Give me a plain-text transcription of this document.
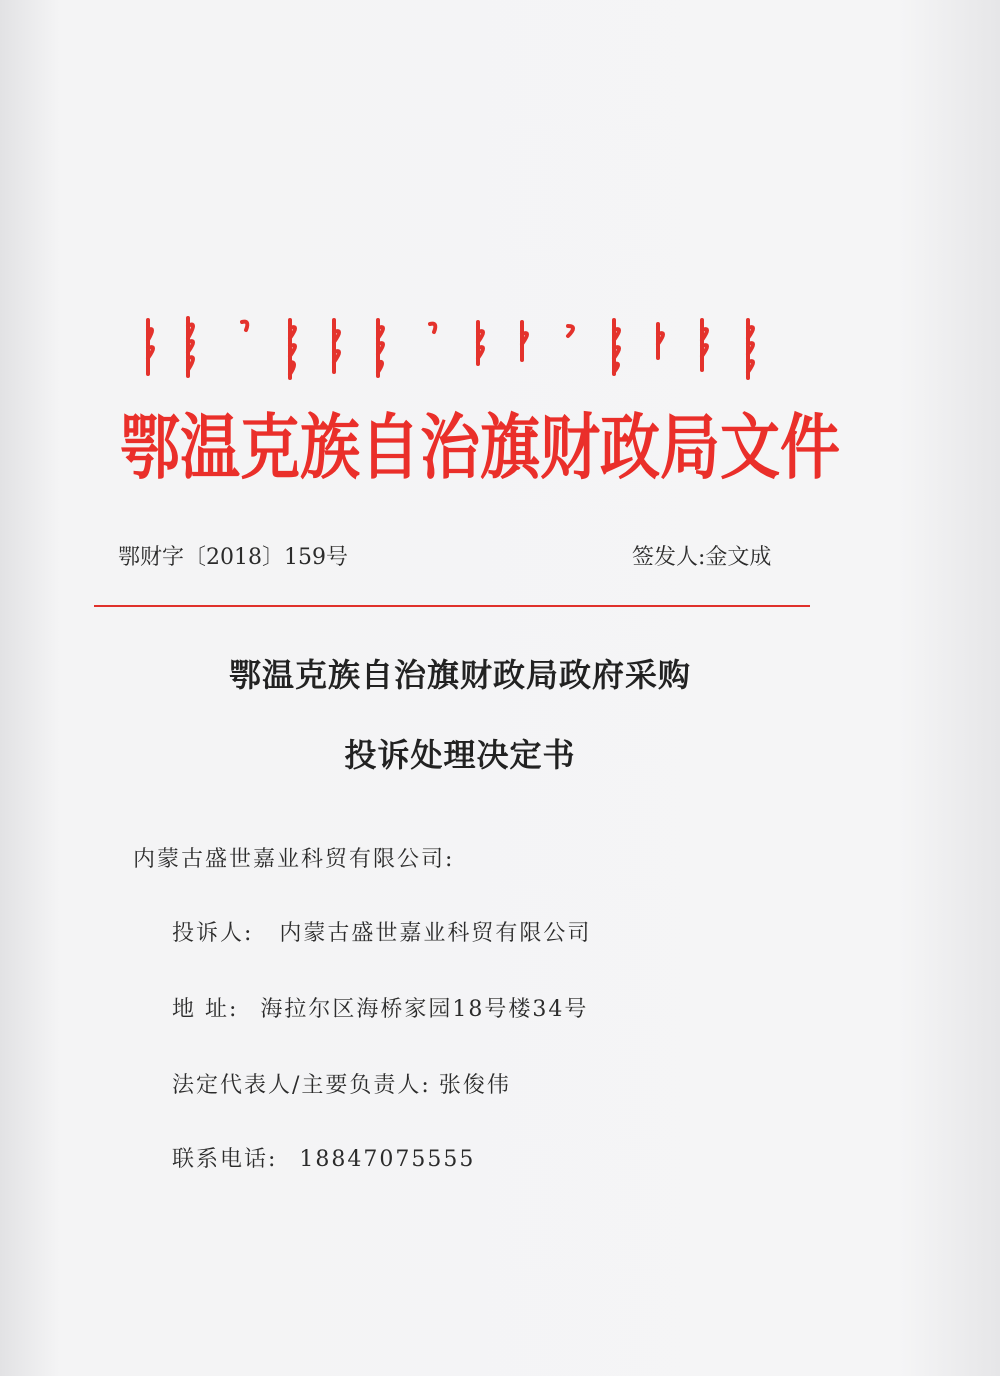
鄂温克族自治旗财政局文件
鄂财字〔2018〕159号	签发人:金文成
鄂温克族自治旗财政局政府采购
投诉处理决定书
内蒙古盛世嘉业科贸有限公司:
投诉人: 内蒙古盛世嘉业科贸有限公司
地 址: 海拉尔区海桥家园18号楼34号
法定代表人/主要负责人: 张俊伟
联系电话: 18847075555
